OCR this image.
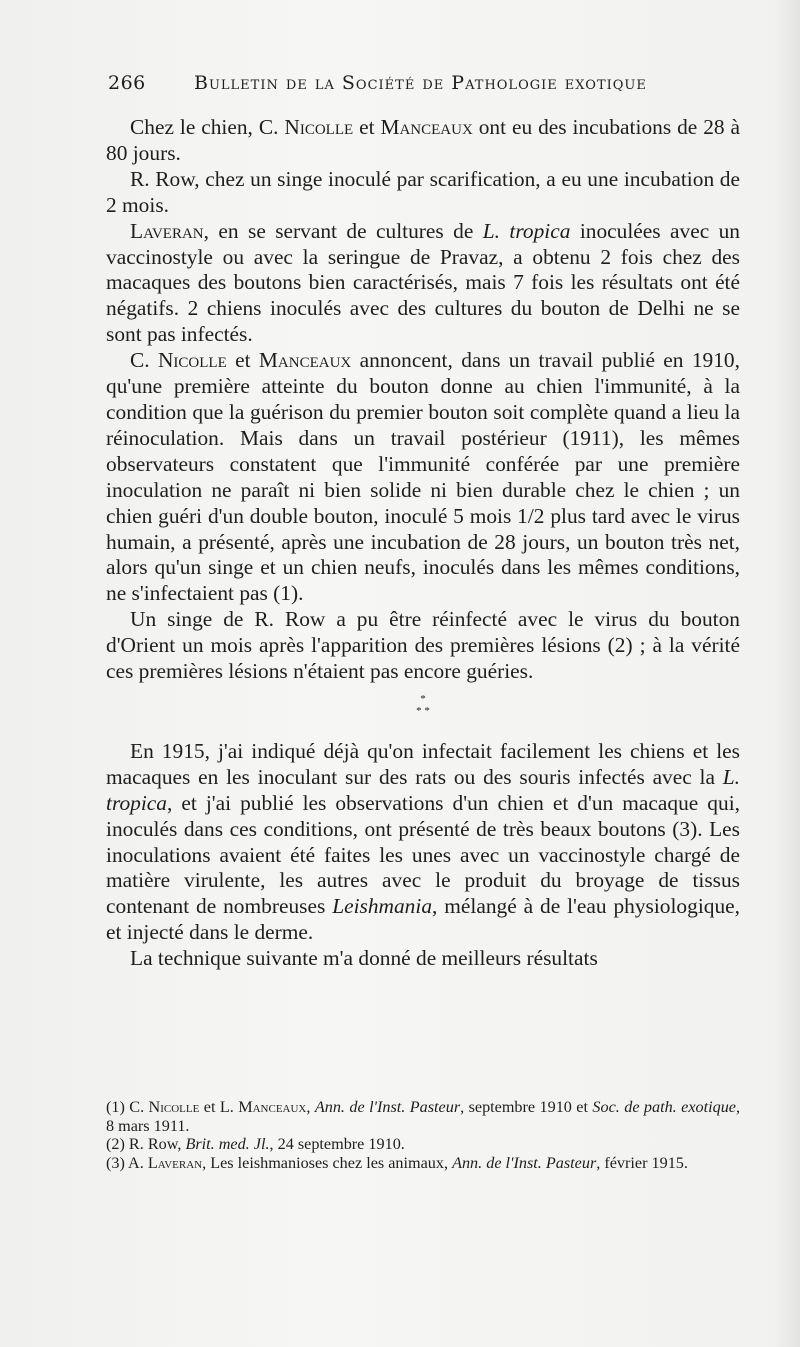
266	Bulletin de la Société de Pathologie exotique

Chez le chien, C. Nicolle et Manceaux ont eu des incubations de 28 à 80 jours.

R. Row, chez un singe inoculé par scarification, a eu une incubation de 2 mois.

Laveran, en se servant de cultures de L. tropica inoculées avec un vaccinostyle ou avec la seringue de Pravaz, a obtenu 2 fois chez des macaques des boutons bien caractérisés, mais 7 fois les résultats ont été négatifs. 2 chiens inoculés avec des cultures du bouton de Delhi ne se sont pas infectés.

C. Nicolle et Manceaux annoncent, dans un travail publié en 1910, qu'une première atteinte du bouton donne au chien l'immunité, à la condition que la guérison du premier bouton soit complète quand a lieu la réinoculation. Mais dans un travail postérieur (1911), les mêmes observateurs constatent que l'immunité conférée par une première inoculation ne paraît ni bien solide ni bien durable chez le chien ; un chien guéri d'un double bouton, inoculé 5 mois 1/2 plus tard avec le virus humain, a présenté, après une incubation de 28 jours, un bouton très net, alors qu'un singe et un chien neufs, inoculés dans les mêmes conditions, ne s'infectaient pas (1).

Un singe de R. Row a pu être réinfecté avec le virus du bouton d'Orient un mois après l'apparition des premières lésions (2) ; à la vérité ces premières lésions n'étaient pas encore guéries.

*
* *

En 1915, j'ai indiqué déjà qu'on infectait facilement les chiens et les macaques en les inoculant sur des rats ou des souris infectés avec la L. tropica, et j'ai publié les observations d'un chien et d'un macaque qui, inoculés dans ces conditions, ont présenté de très beaux boutons (3). Les inoculations avaient été faites les unes avec un vaccinostyle chargé de matière virulente, les autres avec le produit du broyage de tissus contenant de nombreuses Leishmania, mélangé à de l'eau physiologique, et injecté dans le derme.

La technique suivante m'a donné de meilleurs résultats

(1) C. Nicolle et L. Manceaux, Ann. de l'Inst. Pasteur, septembre 1910 et Soc. de path. exotique, 8 mars 1911.

(2) R. Row, Brit. med. Jl., 24 septembre 1910.

(3) A. Laveran, Les leishmanioses chez les animaux, Ann. de l'Inst. Pasteur, février 1915.
